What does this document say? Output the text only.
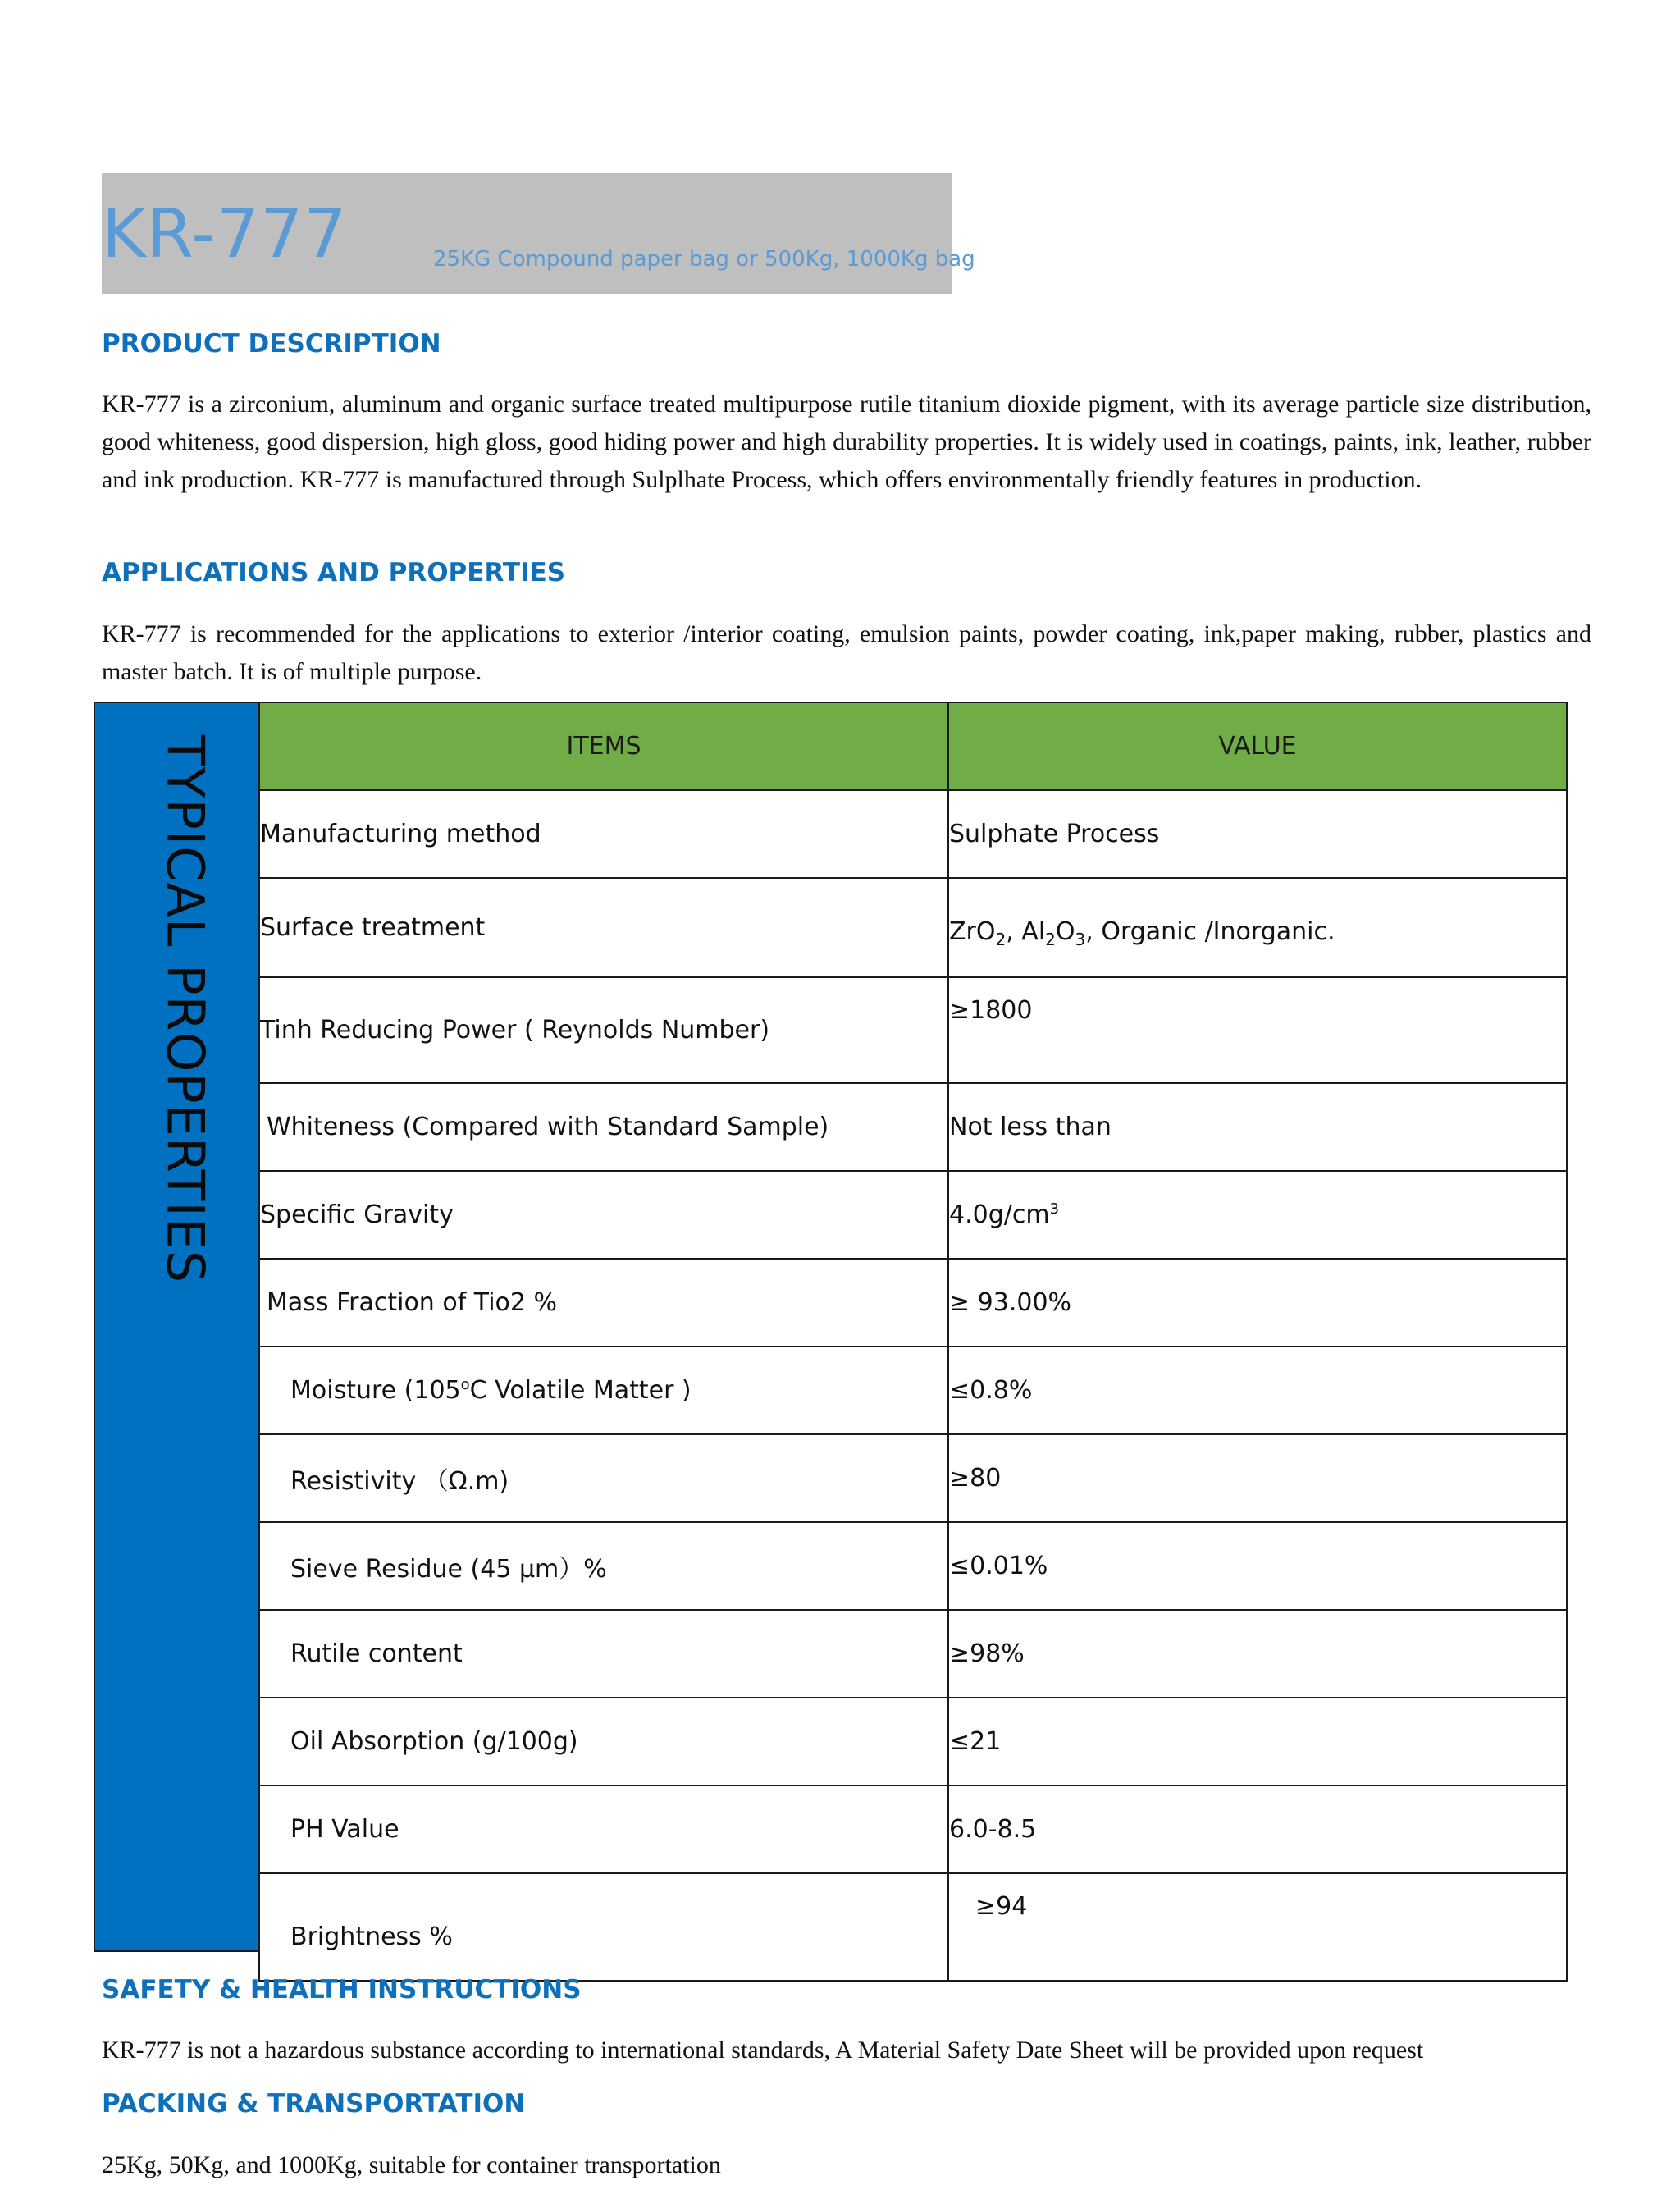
KR-777	25KG Compound paper bag or 500Kg, 1000Kg bag
PRODUCT DESCRIPTION

KR-777 is a zirconium, aluminum and organic surface treated multipurpose rutile titanium dioxide pigment, with its average particle size distribution, good whiteness, good dispersion, high gloss, good hiding power and high durability properties. It is widely used in coatings, paints, ink, leather, rubber and ink production. KR-777 is manufactured through Sulplhate Process, which offers environmentally friendly features in production.

APPLICATIONS AND PROPERTIES

KR-777 is recommended for the applications to exterior /interior coating, emulsion paints, powder coating, ink,paper making, rubber, plastics and master batch. It is of multiple purpose.

TYPICAL PROPERTIES	ITEMS	VALUE
Manufacturing method	Sulphate Process
Surface treatment	ZrO$_2$, $Al_2O_3$, Organic /Inorganic.
Tinh Reducing Power ( Reynolds Number)	≥1800
Whiteness (Compared with Standard Sample)	Not less than
Specific Gravity	$4.0g/cm^3$
Mass Fraction of Tio2 %	≥ 93.00%
Moisture (105$^o$C Volatile Matter )	≤0.8%
Resistivity （Ω.m)	≥80
Sieve Residue (45 μm）%	≤0.01%
Rutile content	≥98%
Oil Absorption (g/100g)	≤21
PH Value	6.0-8.5
Brightness %	≥94
SAFETY & HEALTH INSTRUCTIONS

KR-777 is not a hazardous substance according to international standards, A Material Safety Date Sheet will be provided upon request

PACKING & TRANSPORTATION

25Kg, 50Kg, and 1000Kg, suitable for container transportation
